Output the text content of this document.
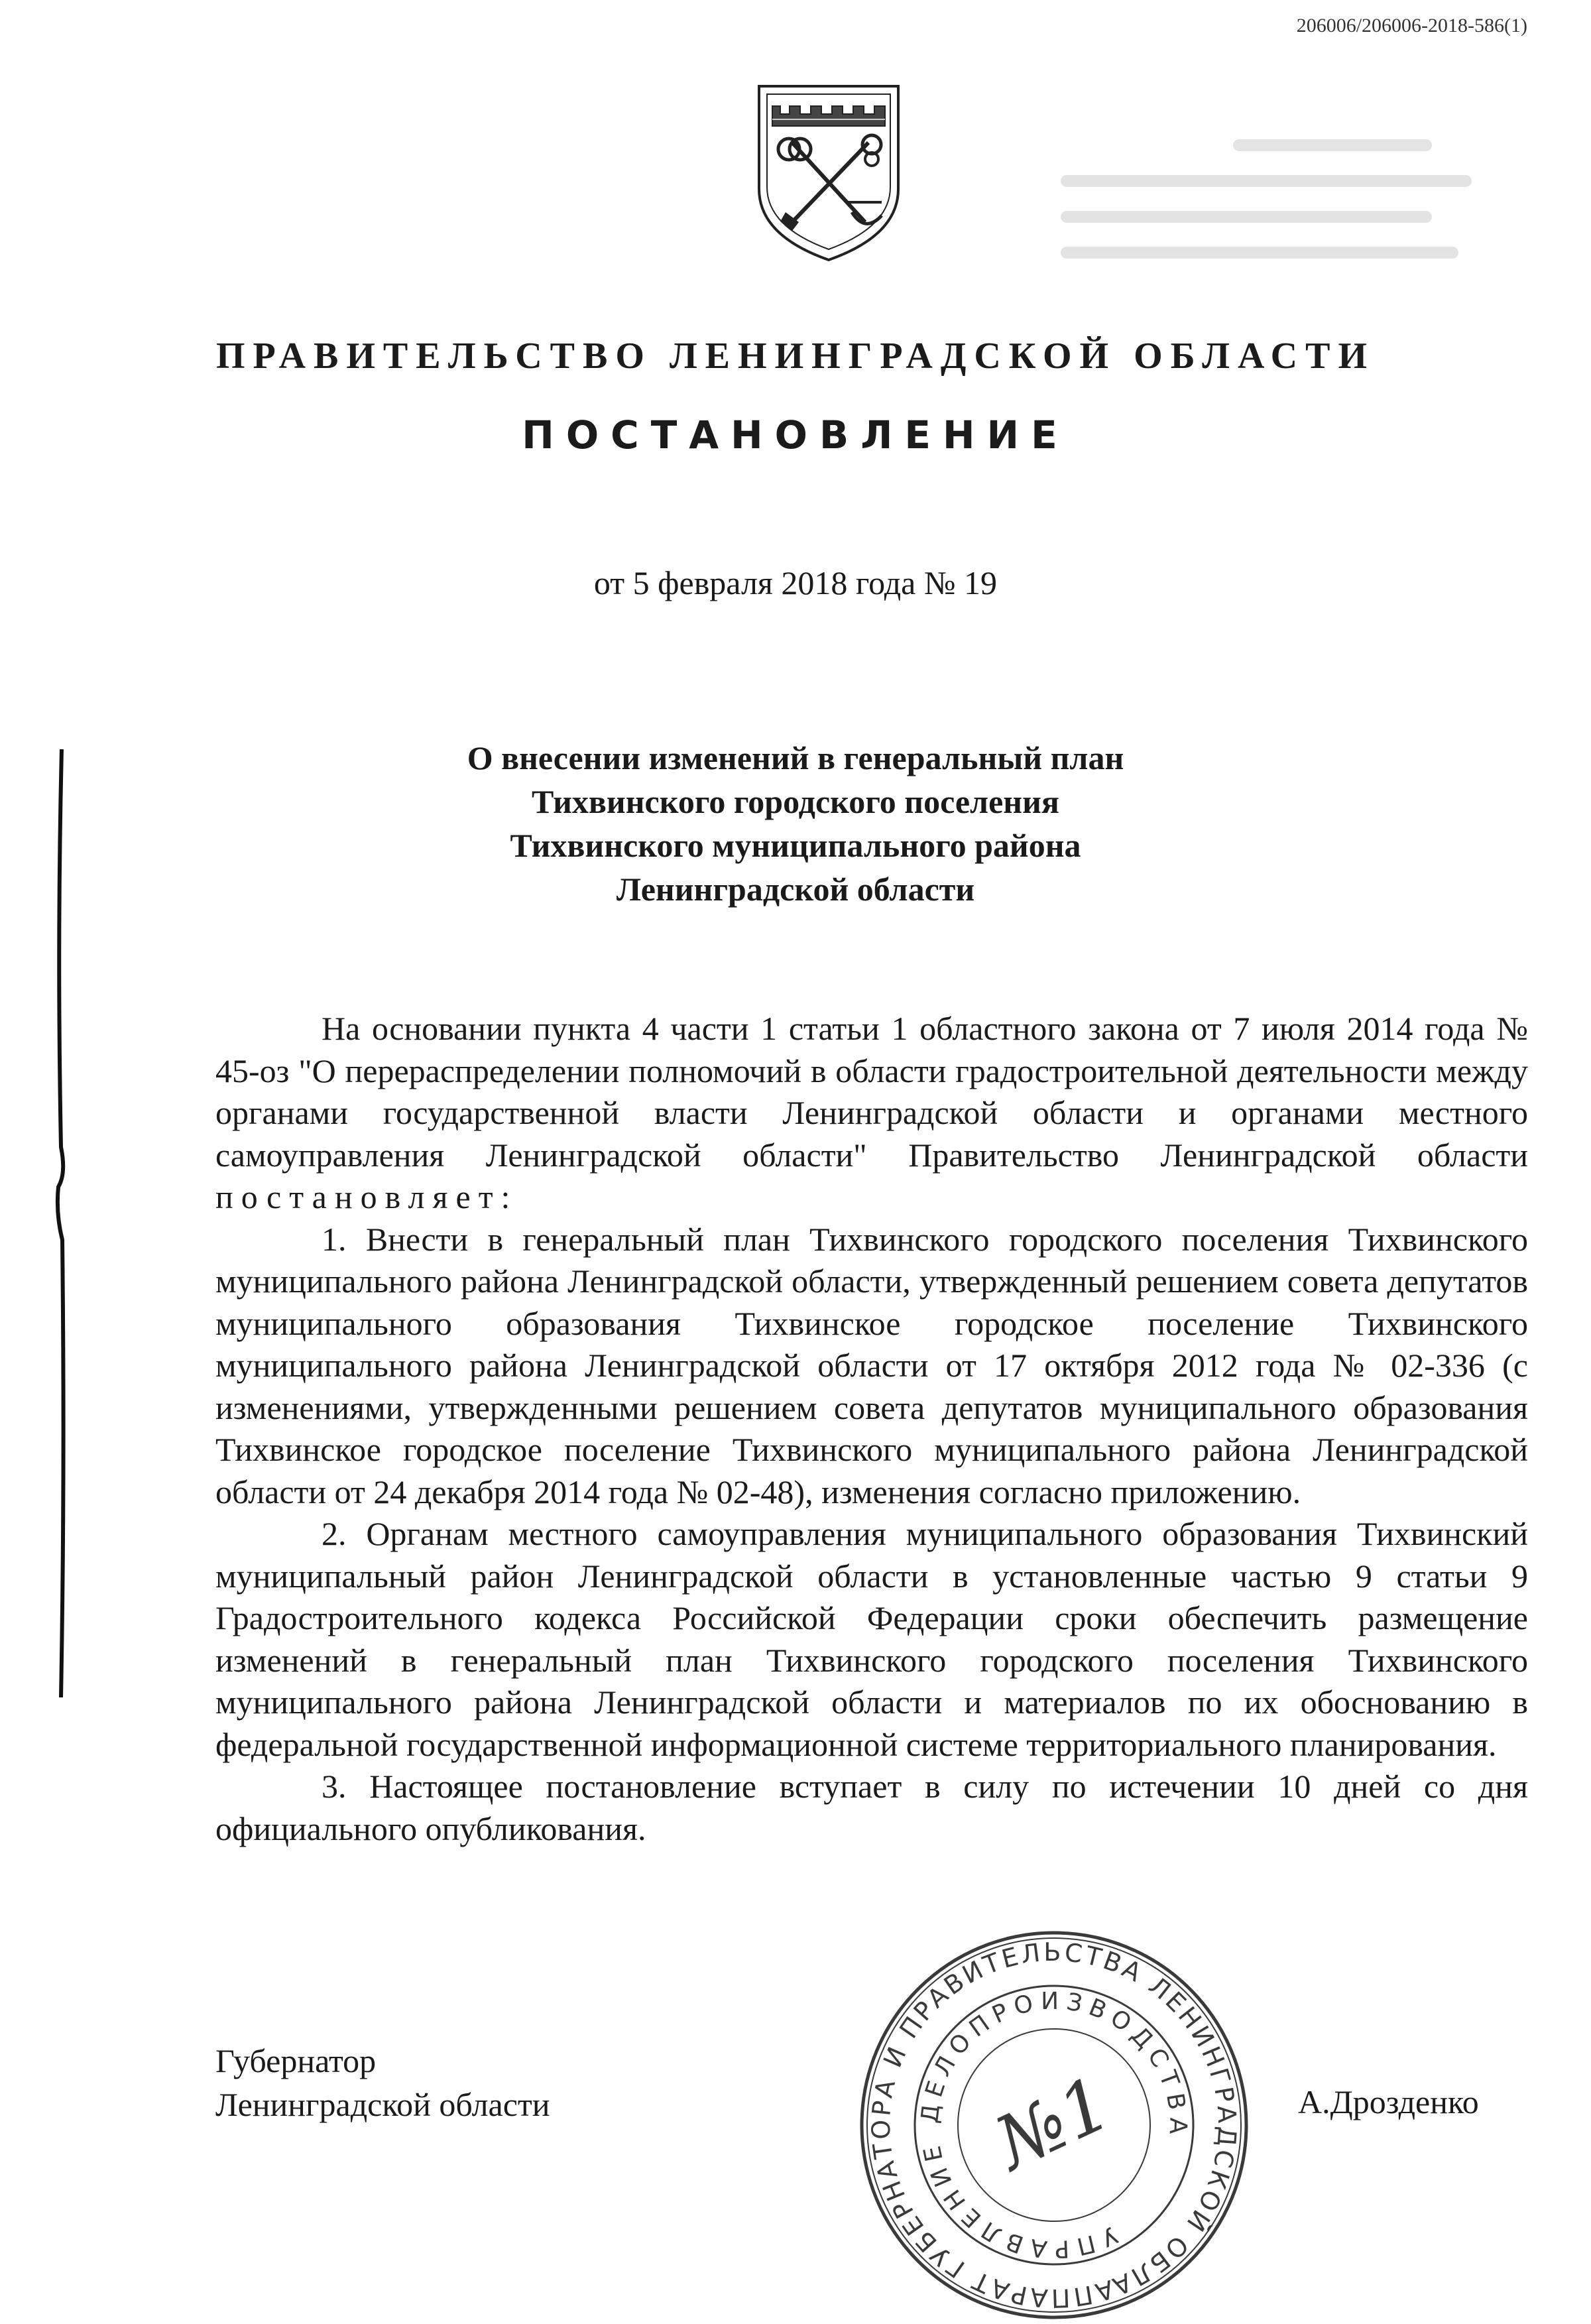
206006/206006-2018-586(1)
ПРАВИТЕЛЬСТВО ЛЕНИНГРАДСКОЙ ОБЛАСТИ
ПОСТАНОВЛЕНИЕ
от 5 февраля 2018 года № 19
О внесении изменений в генеральный план
Тихвинского городского поселения
Тихвинского муниципального района
Ленинградской области

На основании пункта 4 части 1 статьи 1 областного закона от 7 июля 2014 года № 45-оз "О перераспределении полномочий в области градостроительной деятельности между органами государственной власти Ленинградской области и органами местного самоуправления Ленинградской области" Правительство Ленинградской области постановляет:

1. Внести в генеральный план Тихвинского городского поселения Тихвинского муниципального района Ленинградской области, утвержденный решением совета депутатов муниципального образования Тихвинское городское поселение Тихвинского муниципального района Ленинградской области от 17 октября 2012 года № 02-336 (с изменениями, утвержденными решением совета депутатов муниципального образования Тихвинское городское поселение Тихвинского муниципального района Ленинградской области от 24 декабря 2014 года № 02-48), изменения согласно приложению.

2. Органам местного самоуправления муниципального образования Тихвинский муниципальный район Ленинградской области в установленные частью 9 статьи 9 Градостроительного кодекса Российской Федерации сроки обеспечить размещение изменений в генеральный план Тихвинского городского поселения Тихвинского муниципального района Ленинградской области и материалов по их обоснованию в федеральной государственной информационной системе территориального планирования.

3. Настоящее постановление вступает в силу по истечении 10 дней со дня официального опубликования.

Губернатор
Ленинградской области	А.Дрозденко
АППАРАТ ГУБЕРНАТОРА И ПРАВИТЕЛЬСТВА ЛЕНИНГРАДСКОЙ ОБЛАСТИ
УПРАВЛЕНИЕ ДЕЛОПРОИЗВОДСТВА
№1
